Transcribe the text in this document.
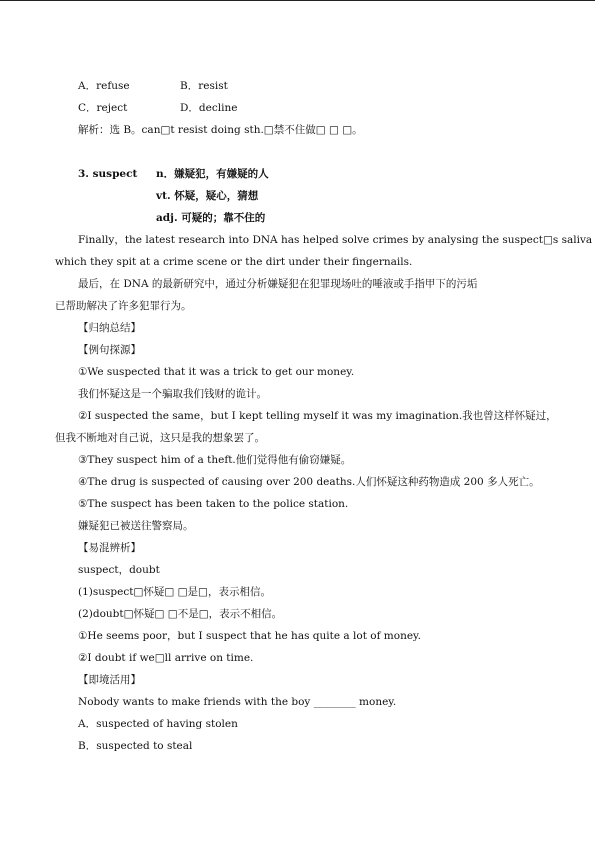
A．refuse	B．resist
C．reject	D．decline
解析：选 B。can□t resist doing sth.□禁不住做□ □ □。
3. suspect n．嫌疑犯，有嫌疑的人
vt. 怀疑，疑心，猜想
adj. 可疑的；靠不住的
Finally，the latest research into DNA has helped solve crimes by analysing the suspect□s saliva
which they spit at a crime scene or the dirt under their fingernails.
最后，在 DNA 的最新研究中，通过分析嫌疑犯在犯罪现场吐的唾液或手指甲下的污垢
已帮助解决了许多犯罪行为。
【归纳总结】
【例句探源】
①We suspected that it was a trick to get our money.
我们怀疑这是一个骗取我们钱财的诡计。
②I suspected the same，but I kept telling myself it was my imagination.我也曾这样怀疑过，
但我不断地对自己说，这只是我的想象罢了。
③They suspect him of a theft.他们觉得他有偷窃嫌疑。
④The drug is suspected of causing over 200 deaths.人们怀疑这种药物造成 200 多人死亡。
⑤The suspect has been taken to the police station.
嫌疑犯已被送往警察局。
【易混辨析】
suspect，doubt
(1)suspect□怀疑□ □是□，表示相信。
(2)doubt□怀疑□ □不是□，表示不相信。
①He seems poor，but I suspect that he has quite a lot of money.
②I doubt if we□ll arrive on time.
【即境活用】
Nobody wants to make friends with the boy ________ money.
A．suspected of having stolen
B．suspected to steal
